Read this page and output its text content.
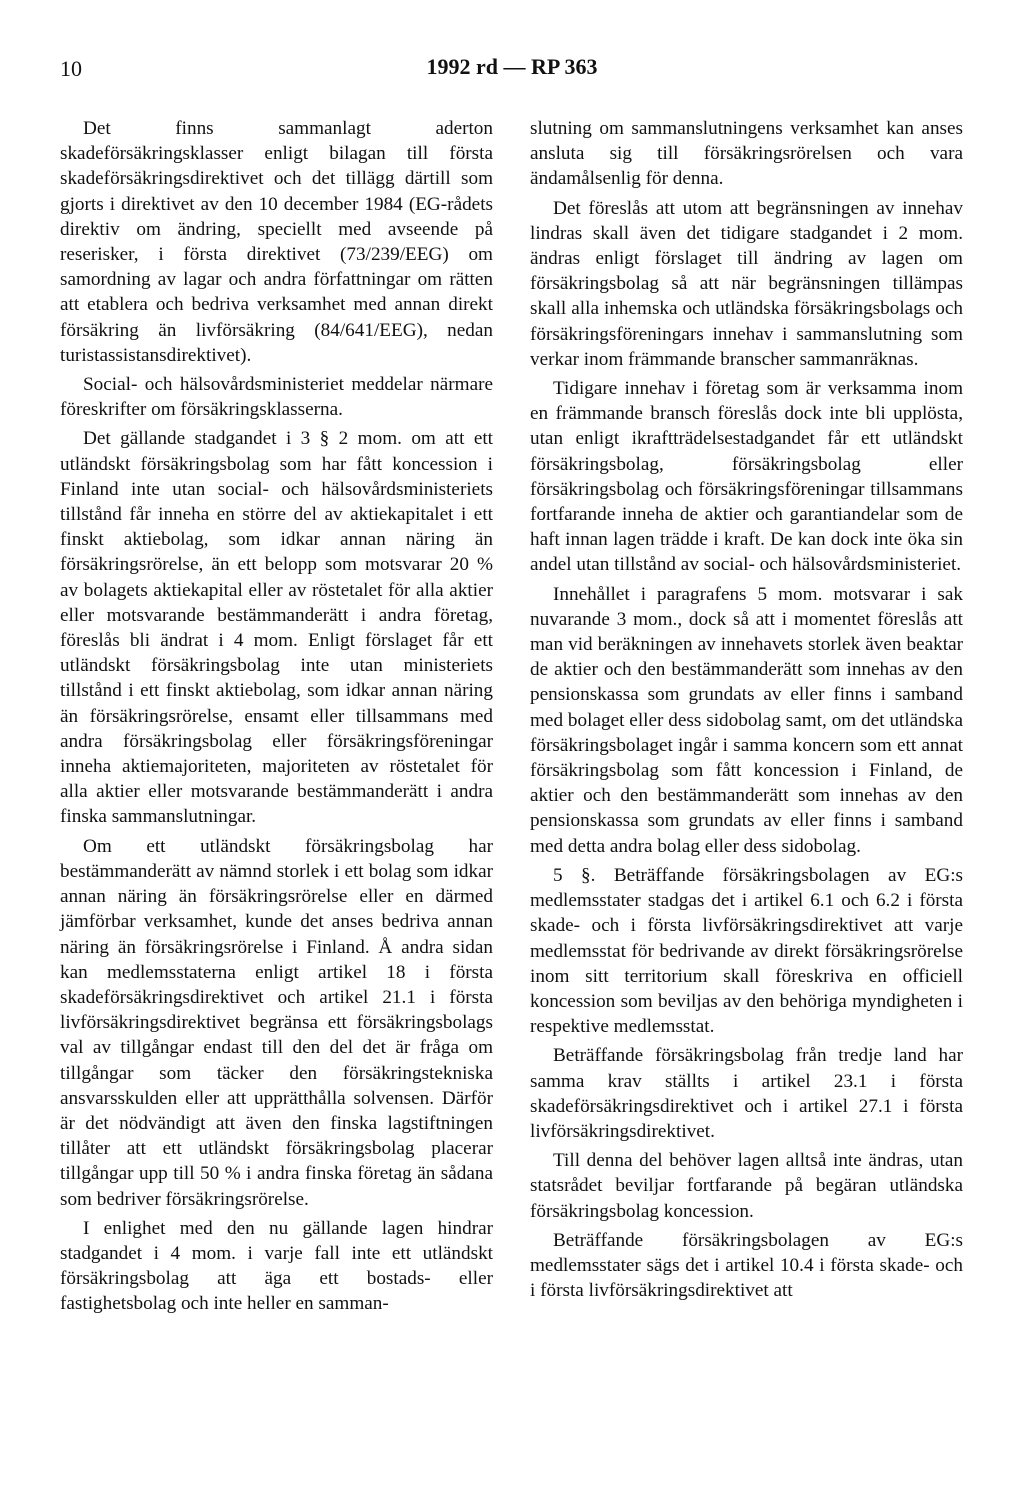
10	1992 rd — RP 363

Det finns sammanlagt aderton skadeförsäkringsklasser enligt bilagan till första skadeförsäkringsdirektivet och det tillägg därtill som gjorts i direktivet av den 10 december 1984 (EG-rådets direktiv om ändring, speciellt med avseende på reserisker, i första direktivet (73/239/EEG) om samordning av lagar och andra författningar om rätten att etablera och bedriva verksamhet med annan direkt försäkring än livförsäkring (84/641/EEG), nedan turistassistansdirektivet).

Social- och hälsovårdsministeriet meddelar närmare föreskrifter om försäkringsklasserna.

Det gällande stadgandet i 3 § 2 mom. om att ett utländskt försäkringsbolag som har fått koncession i Finland inte utan social- och hälsovårdsministeriets tillstånd får inneha en större del av aktiekapitalet i ett finskt aktiebolag, som idkar annan näring än försäkringsrörelse, än ett belopp som motsvarar 20 % av bolagets aktiekapital eller av röstetalet för alla aktier eller motsvarande bestämmanderätt i andra företag, föreslås bli ändrat i 4 mom. Enligt förslaget får ett utländskt försäkringsbolag inte utan ministeriets tillstånd i ett finskt aktiebolag, som idkar annan näring än försäkringsrörelse, ensamt eller tillsammans med andra försäkringsbolag eller försäkringsföreningar inneha aktiemajoriteten, majoriteten av röstetalet för alla aktier eller motsvarande bestämmanderätt i andra finska sammanslutningar.

Om ett utländskt försäkringsbolag har bestämmanderätt av nämnd storlek i ett bolag som idkar annan näring än försäkringsrörelse eller en därmed jämförbar verksamhet, kunde det anses bedriva annan näring än försäkringsrörelse i Finland. Å andra sidan kan medlemsstaterna enligt artikel 18 i första skadeförsäkringsdirektivet och artikel 21.1 i första livförsäkringsdirektivet begränsa ett försäkringsbolags val av tillgångar endast till den del det är fråga om tillgångar som täcker den försäkringstekniska ansvarsskulden eller att upprätthålla solvensen. Därför är det nödvändigt att även den finska lagstiftningen tillåter att ett utländskt försäkringsbolag placerar tillgångar upp till 50 % i andra finska företag än sådana som bedriver försäkringsrörelse.

I enlighet med den nu gällande lagen hindrar stadgandet i 4 mom. i varje fall inte ett utländskt försäkringsbolag att äga ett bostads- eller fastighetsbolag och inte heller en samman-

slutning om sammanslutningens verksamhet kan anses ansluta sig till försäkringsrörelsen och vara ändamålsenlig för denna.

Det föreslås att utom att begränsningen av innehav lindras skall även det tidigare stadgandet i 2 mom. ändras enligt förslaget till ändring av lagen om försäkringsbolag så att när begränsningen tillämpas skall alla inhemska och utländska försäkringsbolags och försäkringsföreningars innehav i sammanslutning som verkar inom främmande branscher sammanräknas.

Tidigare innehav i företag som är verksamma inom en främmande bransch föreslås dock inte bli upplösta, utan enligt ikraftträdelsestadgandet får ett utländskt försäkringsbolag, försäkringsbolag eller försäkringsbolag och försäkringsföreningar tillsammans fortfarande inneha de aktier och garantiandelar som de haft innan lagen trädde i kraft. De kan dock inte öka sin andel utan tillstånd av social- och hälsovårdsministeriet.

Innehållet i paragrafens 5 mom. motsvarar i sak nuvarande 3 mom., dock så att i momentet föreslås att man vid beräkningen av innehavets storlek även beaktar de aktier och den bestämmanderätt som innehas av den pensionskassa som grundats av eller finns i samband med bolaget eller dess sidobolag samt, om det utländska försäkringsbolaget ingår i samma koncern som ett annat försäkringsbolag som fått koncession i Finland, de aktier och den bestämmanderätt som innehas av den pensionskassa som grundats av eller finns i samband med detta andra bolag eller dess sidobolag.

5 §. Beträffande försäkringsbolagen av EG:s medlemsstater stadgas det i artikel 6.1 och 6.2 i första skade- och i första livförsäkringsdirektivet att varje medlemsstat för bedrivande av direkt försäkringsrörelse inom sitt territorium skall föreskriva en officiell koncession som beviljas av den behöriga myndigheten i respektive medlemsstat.

Beträffande försäkringsbolag från tredje land har samma krav ställts i artikel 23.1 i första skadeförsäkringsdirektivet och i artikel 27.1 i första livförsäkringsdirektivet.

Till denna del behöver lagen alltså inte ändras, utan statsrådet beviljar fortfarande på begäran utländska försäkringsbolag koncession.

Beträffande försäkringsbolagen av EG:s medlemsstater sägs det i artikel 10.4 i första skade- och i första livförsäkringsdirektivet att
